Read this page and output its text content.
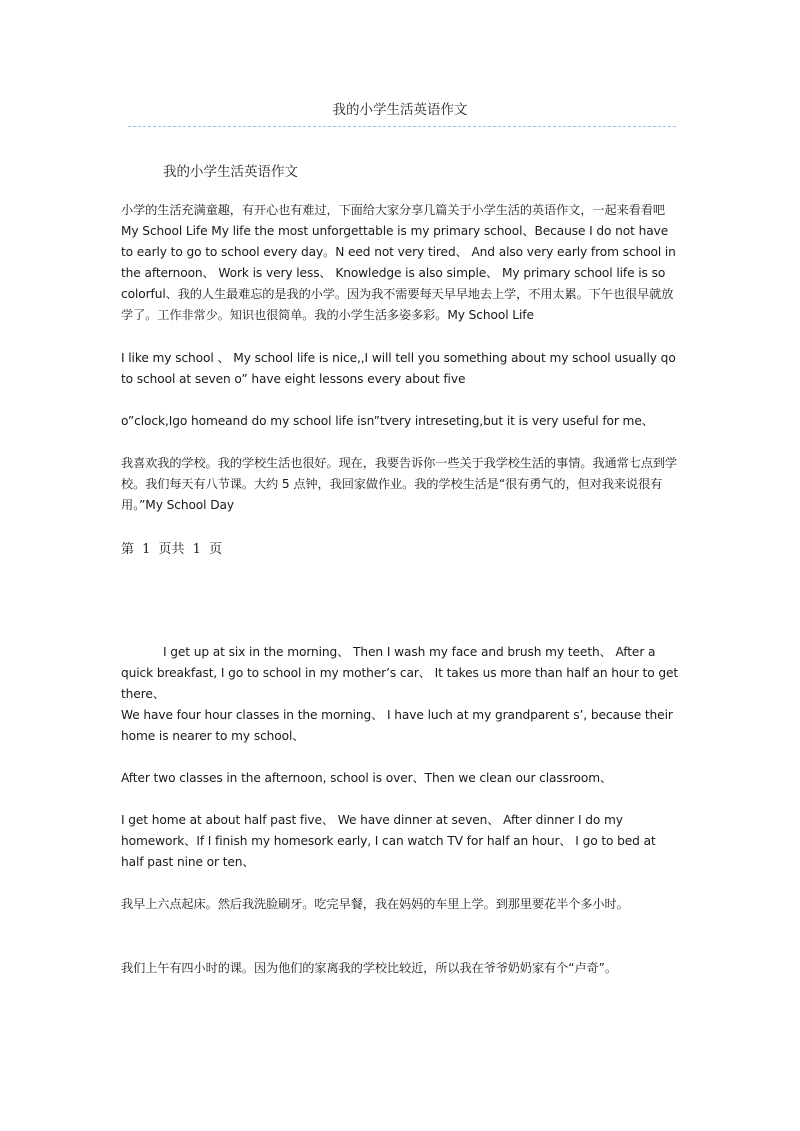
我的小学生活英语作文
我的小学生活英语作文

小学的生活充满童趣，有开心也有难过，下面给大家分享几篇关于小学生活的英语作文，一起来看看吧 My School Life My life the most unforgettable is my primary school、Because I do not have to early to go to school every day。N eed not very tired、 And also very early from school in the afternoon、 Work is very less、 Knowledge is also simple、 My primary school life is so colorful、我的人生最难忘的是我的小学。因为我不需要每天早早地去上学，不用太累。下午也很早就放学了。工作非常少。知识也很简单。我的小学生活多姿多彩。My School Life

I like my school 、 My school life is nice,,I will tell you something about my school usually qo to school at seven o” have eight lessons every about five

o”clock,Igo homeand do my school life isn”tvery intreseting,but it is very useful for me、

我喜欢我的学校。我的学校生活也很好。现在，我要告诉你一些关于我学校生活的事情。我通常七点到学校。我们每天有八节课。大约 5 点钟，我回家做作业。我的学校生活是“很有勇气的，但对我来说很有用。”My School Day

第 1 页共 1 页

I get up at six in the morning、 Then I wash my face and brush my teeth、 After a quick breakfast, I go to school in my mother’s car、 It takes us more than half an hour to get there、

We have four hour classes in the morning、 I have luch at my grandparent s’, because their home is nearer to my school、

After two classes in the afternoon, school is over、Then we clean our classroom、

I get home at about half past five、 We have dinner at seven、 After dinner I do my homework、If I finish my homesork early, I can watch TV for half an hour、 I go to bed at half past nine or ten、

我早上六点起床。然后我洗脸刷牙。吃完早餐，我在妈妈的车里上学。到那里要花半个多小时。

我们上午有四小时的课。因为他们的家离我的学校比较近，所以我在爷爷奶奶家有个“卢奇”。
